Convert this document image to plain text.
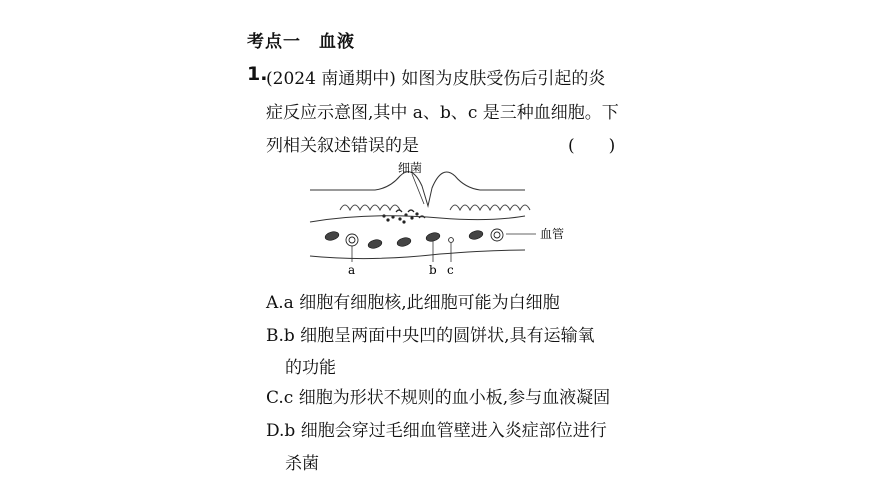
考点一　血液
1.
(2024 南通期中) 如图为皮肤受伤后引起的炎
症反应示意图,其中 a、b、c 是三种血细胞。下
列相关叙述错误的是	(　　)
细菌
a	b c
血管
A.a 细胞有细胞核,此细胞可能为白细胞
B.b 细胞呈两面中央凹的圆饼状,具有运输氧
的功能
C.c 细胞为形状不规则的血小板,参与血液凝固
D.b 细胞会穿过毛细血管壁进入炎症部位进行
杀菌
